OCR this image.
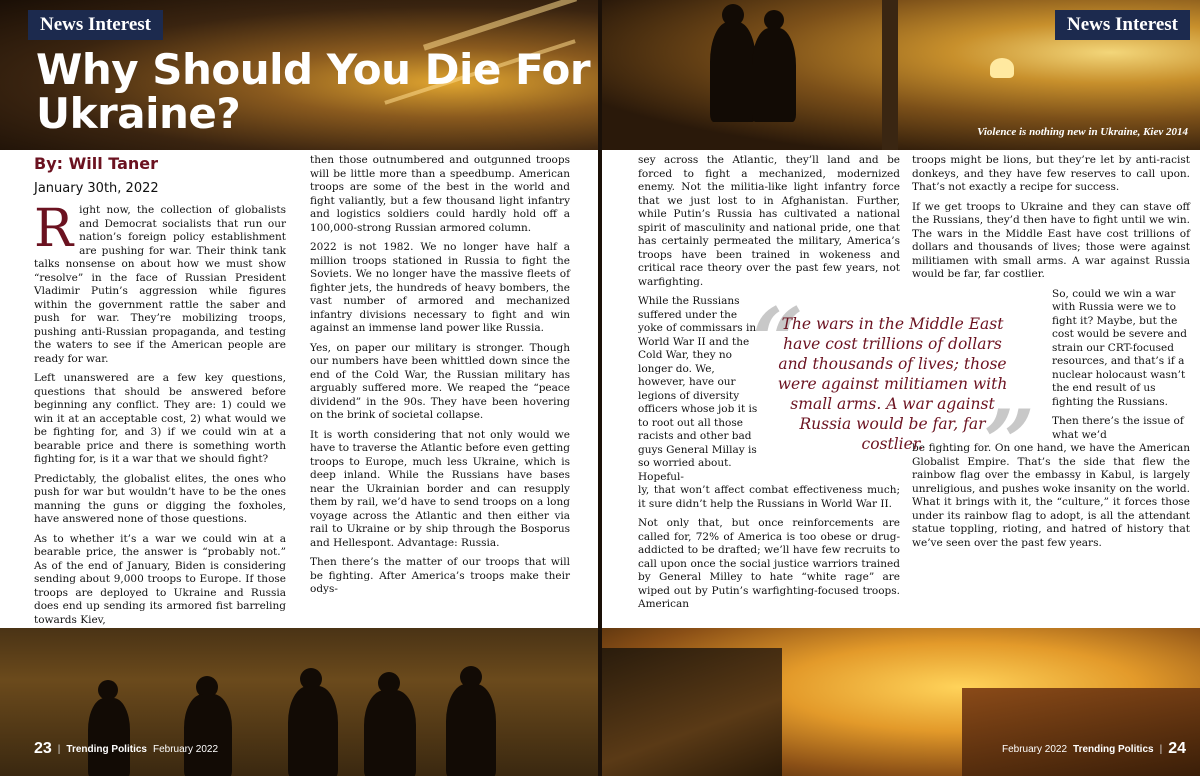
News Interest
Why Should You Die For Ukraine?

By: Will Taner

January 30th, 2022

Right now, the collection of globalists and Democrat socialists that run our nation’s foreign policy establishment are pushing for war. Their think tank talks nonsense on about how we must show “resolve” in the face of Russian President Vladimir Putin’s aggression while figures within the government rattle the saber and push for war. They’re mobilizing troops, pushing anti-Russian propaganda, and testing the waters to see if the American people are ready for war.

Left unanswered are a few key questions, questions that should be answered before beginning any conflict. They are: 1) could we win it at an acceptable cost, 2) what would we be fighting for, and 3) if we could win at a bearable price and there is something worth fighting for, is it a war that we should fight?

Predictably, the globalist elites, the ones who push for war but wouldn’t have to be the ones manning the guns or digging the foxholes, have answered none of those questions.

As to whether it’s a war we could win at a bearable price, the answer is “probably not.” As of the end of January, Biden is considering sending about 9,000 troops to Europe. If those troops are deployed to Ukraine and Russia does end up sending its armored fist barreling towards Kiev,

then those outnumbered and outgunned troops will be little more than a speedbump. American troops are some of the best in the world and fight valiantly, but a few thousand light infantry and logistics soldiers could hardly hold off a 100,000-strong Russian armored column.

2022 is not 1982. We no longer have half a million troops stationed in Russia to fight the Soviets. We no longer have the massive fleets of fighter jets, the hundreds of heavy bombers, the vast number of armored and mechanized infantry divisions necessary to fight and win against an immense land power like Russia.

Yes, on paper our military is stronger. Though our numbers have been whittled down since the end of the Cold War, the Russian military has arguably suffered more. We reaped the “peace dividend” in the 90s. They have been hovering on the brink of societal collapse.

It is worth considering that not only would we have to traverse the Atlantic before even getting troops to Europe, much less Ukraine, which is deep inland. While the Russians have bases near the Ukrainian border and can resupply them by rail, we’d have to send troops on a long voyage across the Atlantic and then either via rail to Ukraine or by ship through the Bosporus and Hellespont. Advantage: Russia.

Then there’s the matter of our troops that will be fighting. After America’s troops make their odys-

23 | Trending Politics February 2022
News Interest
Violence is nothing new in Ukraine, Kiev 2014

sey across the Atlantic, they’ll land and be forced to fight a mechanized, modernized enemy. Not the militia-like light infantry force that we just lost to in Afghanistan. Further, while Putin’s Russia has cultivated a national spirit of masculinity and national pride, one that has certainly permeated the military, America’s troops have been trained in wokeness and critical race theory over the past few years, not warfighting.

While the Russians suffered under the yoke of commissars in World War II and the Cold War, they no longer do. We, however, have our legions of diversity officers whose job it is to root out all those racists and other bad guys General Millay is so worried about. Hopeful-

ly, that won’t affect combat effectiveness much; it sure didn’t help the Russians in World War II.

Not only that, but once reinforcements are called for, 72% of America is too obese or drug-addicted to be drafted; we’ll have few recruits to call upon once the social justice warriors trained by General Milley to hate “white rage” are wiped out by Putin’s warfighting-focused troops. American

troops might be lions, but they’re let by anti-racist donkeys, and they have few reserves to call upon. That’s not exactly a recipe for success.

If we get troops to Ukraine and they can stave off the Russians, they’d then have to fight until we win. The wars in the Middle East have cost trillions of dollars and thousands of lives; those were against militiamen with small arms. A war against Russia would be far, far costlier.

So, could we win a war with Russia were we to fight it? Maybe, but the cost would be severe and strain our CRT-focused resources, and that’s if a nuclear holocaust wasn’t the end result of us fighting the Russians.

Then there’s the issue of what we’d

be fighting for. On one hand, we have the American Globalist Empire. That’s the side that flew the rainbow flag over the embassy in Kabul, is largely unreligious, and pushes woke insanity on the world. What it brings with it, the “culture,” it forces those under its rainbow flag to adopt, is all the attendant statue toppling, rioting, and hatred of history that we’ve seen over the past few years.

“
”
The wars in the Middle East have cost trillions of dollars and thousands of lives; those were against militiamen with small arms. A war against Russia would be far, far costlier.
February 2022 Trending Politics | 24
